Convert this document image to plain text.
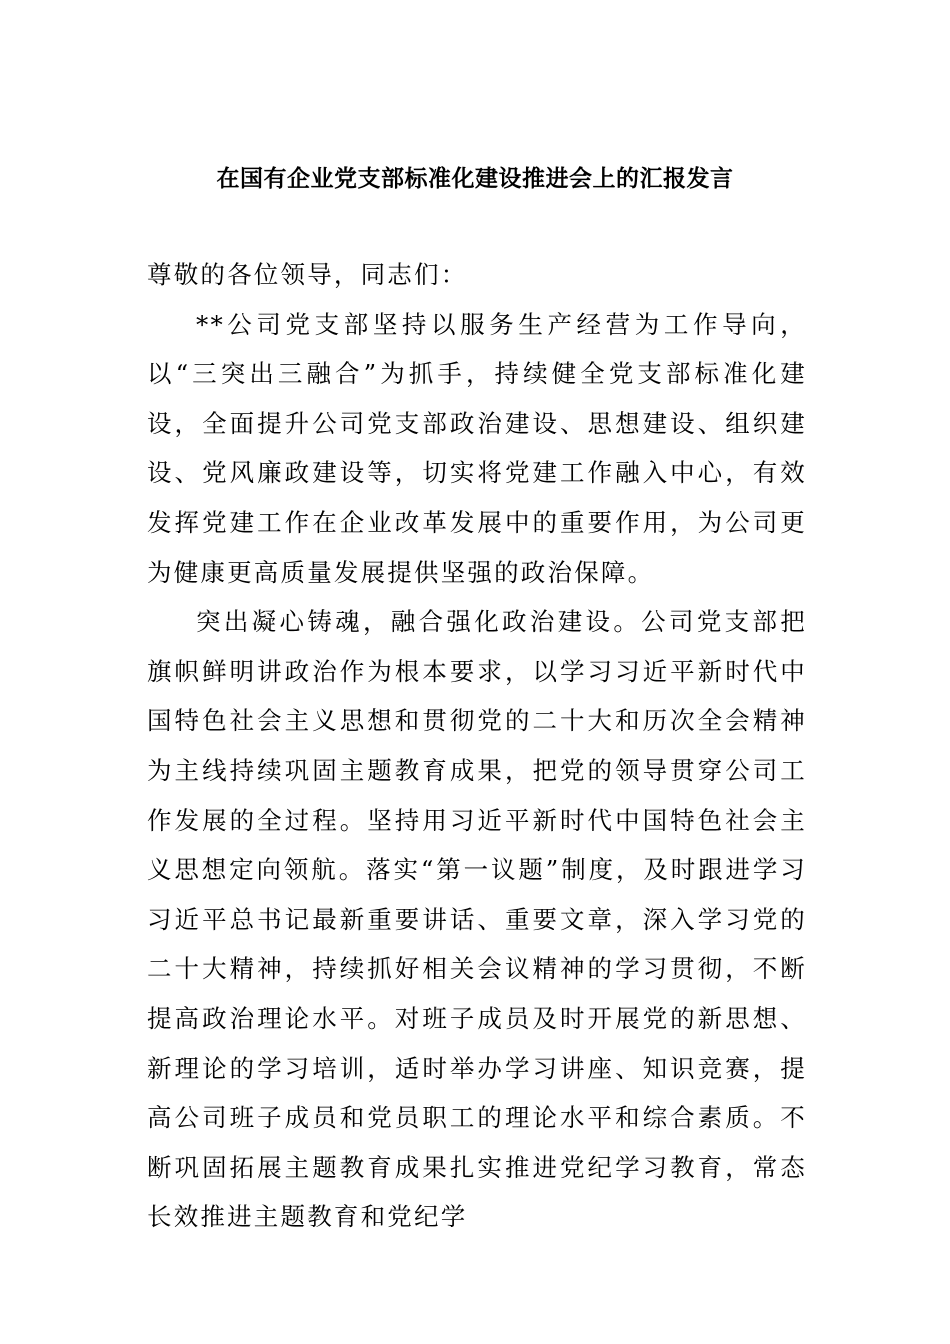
在国有企业党支部标准化建设推进会上的汇报发言

尊敬的各位领导，同志们：

**公司党支部坚持以服务生产经营为工作导向，以“三突出三融合”为抓手，持续健全党支部标准化建设，全面提升公司党支部政治建设、思想建设、组织建设、党风廉政建设等，切实将党建工作融入中心，有效发挥党建工作在企业改革发展中的重要作用，为公司更为健康更高质量发展提供坚强的政治保障。

突出凝心铸魂，融合强化政治建设。公司党支部把旗帜鲜明讲政治作为根本要求，以学习习近平新时代中国特色社会主义思想和贯彻党的二十大和历次全会精神为主线持续巩固主题教育成果，把党的领导贯穿公司工作发展的全过程。坚持用习近平新时代中国特色社会主义思想定向领航。落实“第一议题”制度，及时跟进学习习近平总书记最新重要讲话、重要文章，深入学习党的二十大精神，持续抓好相关会议精神的学习贯彻，不断提高政治理论水平。对班子成员及时开展党的新思想、新理论的学习培训，适时举办学习讲座、知识竞赛，提高公司班子成员和党员职工的理论水平和综合素质。不断巩固拓展主题教育成果扎实推进党纪学习教育，常态长效推进主题教育和党纪学
